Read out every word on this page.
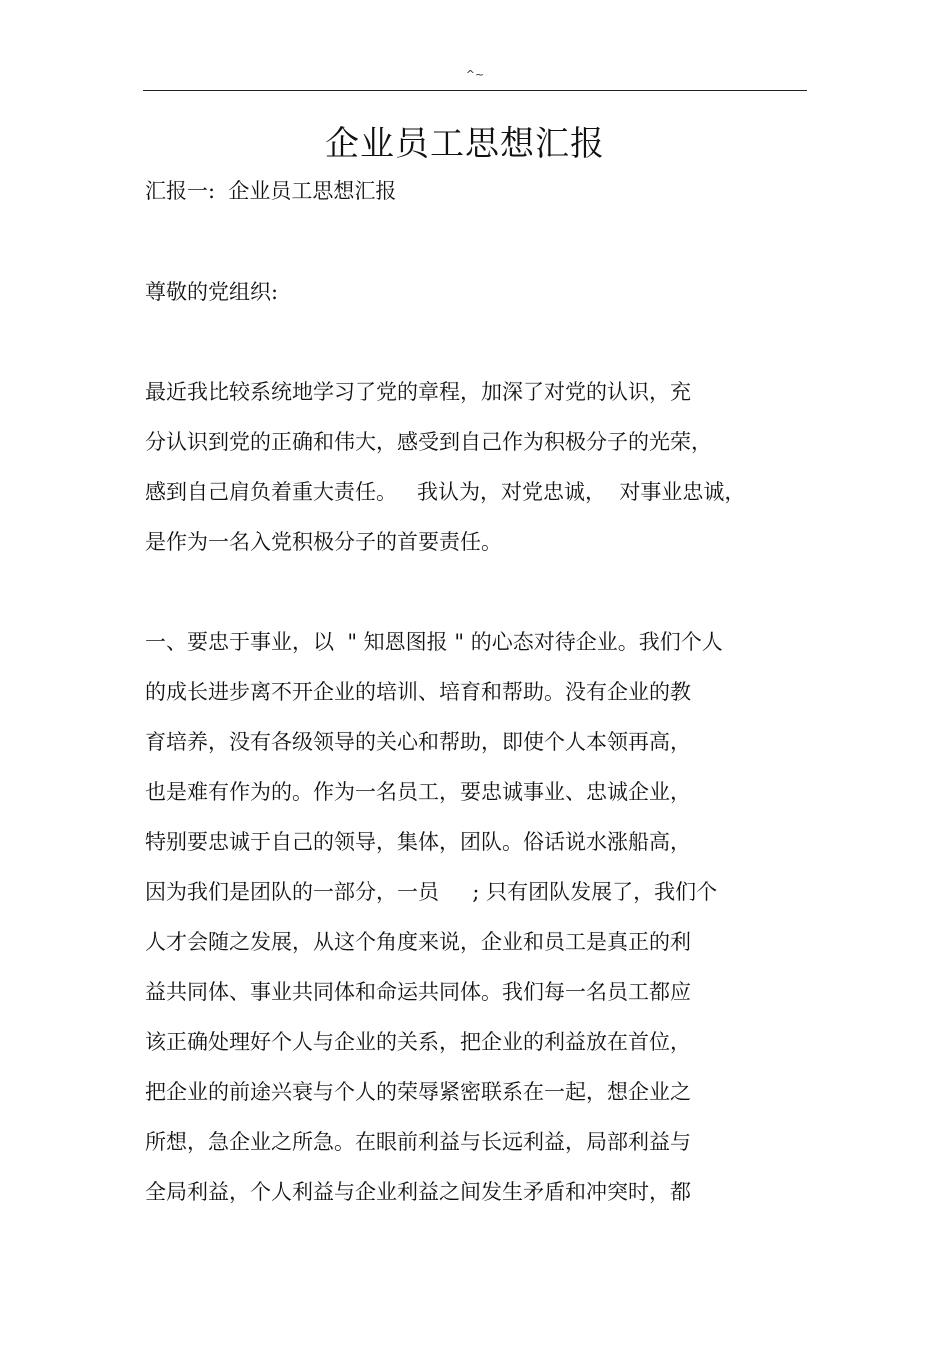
^~
企业员工思想汇报
汇报一:  企业员工思想汇报
尊敬的党组织:
最近我比较系统地学习了党的章程，加深了对党的认识，充
分认识到党的正确和伟大，感受到自己作为积极分子的光荣，
感到自己肩负着重大责任。   我认为，对党忠诚，  对事业忠诚，
是作为一名入党积极分子的首要责任。
一、要忠于事业，以  " 知恩图报 " 的心态对待企业。我们个人
的成长进步离不开企业的培训、培育和帮助。没有企业的教
育培养，没有各级领导的关心和帮助，即使个人本领再高，
也是难有作为的。作为一名员工，要忠诚事业、忠诚企业，
特别要忠诚于自己的领导，集体，团队。俗话说水涨船高，
因为我们是团队的一部分，一员     ; 只有团队发展了，我们个
人才会随之发展，从这个角度来说，企业和员工是真正的利
益共同体、事业共同体和命运共同体。我们每一名员工都应
该正确处理好个人与企业的关系，把企业的利益放在首位，
把企业的前途兴衰与个人的荣辱紧密联系在一起，想企业之
所想，急企业之所急。在眼前利益与长远利益，局部利益与
全局利益，个人利益与企业利益之间发生矛盾和冲突时，都
